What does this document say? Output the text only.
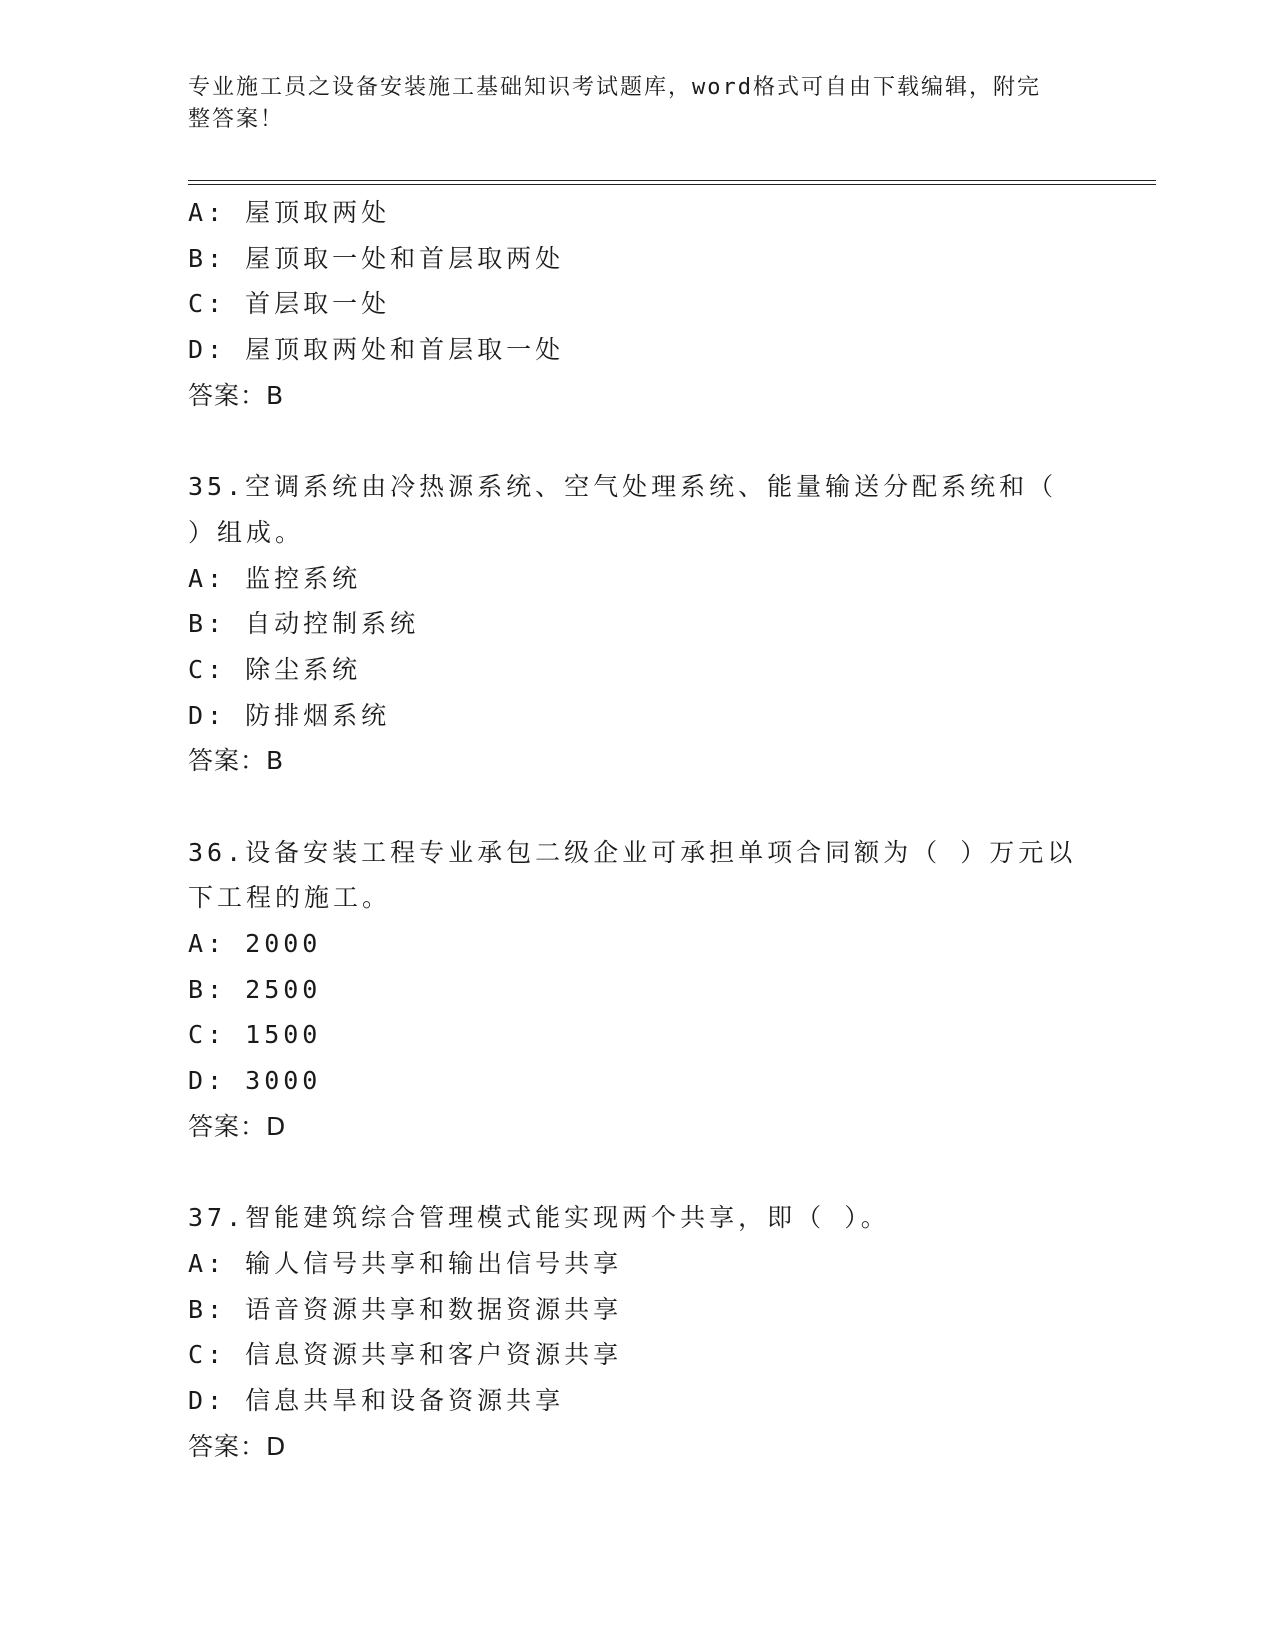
专业施工员之设备安装施工基础知识考试题库，word格式可自由下载编辑，附完
整答案！
A: 屋顶取两处
B: 屋顶取一处和首层取两处
C: 首层取一处
D: 屋顶取两处和首层取一处
答案：B
35.空调系统由冷热源系统、空气处理系统、能量输送分配系统和（
）组成。
A: 监控系统
B: 自动控制系统
C: 除尘系统
D: 防排烟系统
答案：B
36.设备安装工程专业承包二级企业可承担单项合同额为（ ）万元以
下工程的施工。
A: 2000
B: 2500
C: 1500
D: 3000
答案：D
37.智能建筑综合管理模式能实现两个共享，即（ ）。
A: 输人信号共享和输出信号共享
B: 语音资源共享和数据资源共享
C: 信息资源共享和客户资源共享
D: 信息共旱和设备资源共享
答案：D
